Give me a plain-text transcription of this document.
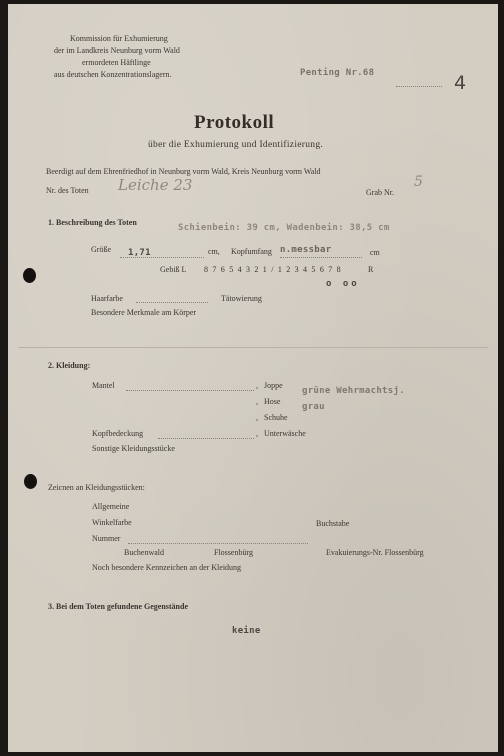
Kommission für Exhumierung
der im Landkreis Neunburg vorm Wald
ermordeten Häftlinge
aus deutschen Konzentrationslagern.	Penting Nr.68	4
Protokoll
über die Exhumierung und Identifizierung.
Beerdigt auf dem Ehrenfriedhof in Neunburg vorm Wald, Kreis Neunburg vorm Wald
Nr. des Toten Leiche 23	Grab Nr.
5
1. Beschreibung des Toten
Schienbein: 39 cm, Wadenbein: 38,5 cm
Größe 1,71	cm, Kopfumfang n.messbar	cm
Gebiß L 8 7 6 5 4 3 2 1 / 1 2 3 4 5 6 7 8	R
o oo
Haarfarbe	Tätowierung
Besondere Merkmale am Körper
2. Kleidung:
Mantel	, Joppe
grüne Wehrmachtsj.
, Hose
grau
, Schuhe
Kopfbedeckung	, Unterwäsche
Sonstige Kleidungsstücke
Zeicnen an Kleidungsstücken:
Allgemeine
Winkelfarbe	Buchstabe
Nummer
Buchenwald	Flossenbürg	Evakuierungs-Nr. Flossenbürg
Noch besondere Kennzeichen an der Kleidung
3. Bei dem Toten gefundene Gegenstände
keine
